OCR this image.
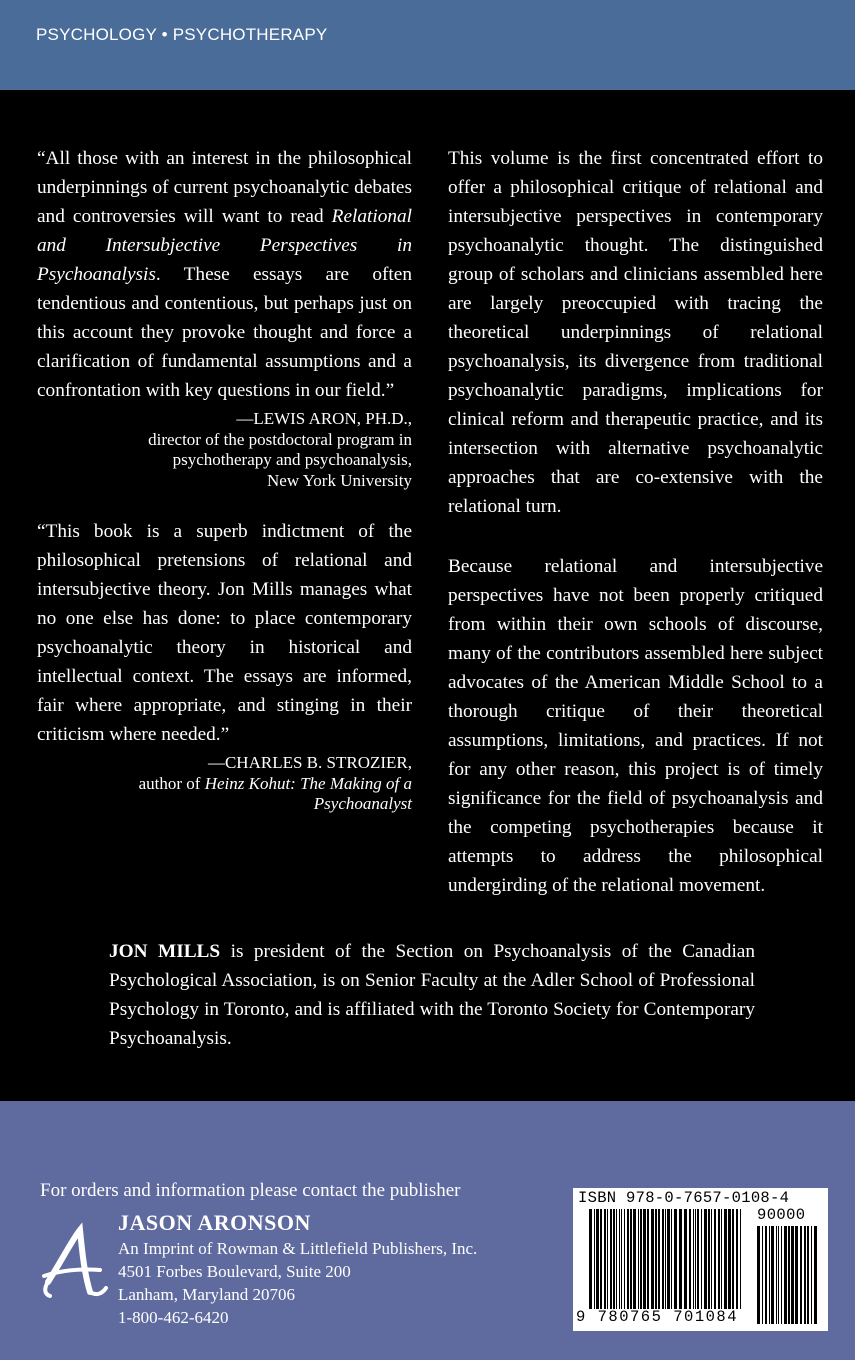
PSYCHOLOGY • PSYCHOTHERAPY

“All those with an interest in the philosophical underpinnings of current psychoanalytic debates and controversies will want to read Relational and Intersubjective Perspectives in Psychoanalysis. These essays are often tendentious and contentious, but perhaps just on this account they provoke thought and force a clarification of fundamental assumptions and a confrontation with key questions in our field.”

—LEWIS ARON, PH.D.,
director of the postdoctoral program in
psychotherapy and psychoanalysis,
New York University

“This book is a superb indictment of the philosophical pretensions of relational and intersubjective theory. Jon Mills manages what no one else has done: to place contemporary psychoanalytic theory in historical and intellectual context. The essays are informed, fair where appropriate, and stinging in their criticism where needed.”

—CHARLES B. STROZIER,
author of Heinz Kohut: The Making of a
Psychoanalyst

This volume is the first concentrated effort to offer a philosophical critique of relational and intersubjective perspectives in contemporary psychoanalytic thought. The distinguished group of scholars and clinicians assembled here are largely preoccupied with tracing the theoretical underpinnings of relational psychoanalysis, its divergence from traditional psychoanalytic paradigms, implications for clinical reform and therapeutic practice, and its intersection with alternative psychoanalytic approaches that are co-extensive with the relational turn.

Because relational and intersubjective perspectives have not been properly critiqued from within their own schools of discourse, many of the contributors assembled here subject advocates of the American Middle School to a thorough critique of their theoretical assumptions, limitations, and practices. If not for any other reason, this project is of timely significance for the field of psychoanalysis and the competing psychotherapies because it attempts to address the philosophical undergirding of the relational movement.

JON MILLS is president of the Section on Psychoanalysis of the Canadian Psychological Association, is on Senior Faculty at the Adler School of Professional Psychology in Toronto, and is affiliated with the Toronto Society for Contemporary Psychoanalysis.
For orders and information please contact the publisher
JASON ARONSON
An Imprint of Rowman & Littlefield Publishers, Inc.
4501 Forbes Boulevard, Suite 200
Lanham, Maryland 20706
1-800-462-6420
ISBN 978-0-7657-0108-4
90000
9 780765 701084
